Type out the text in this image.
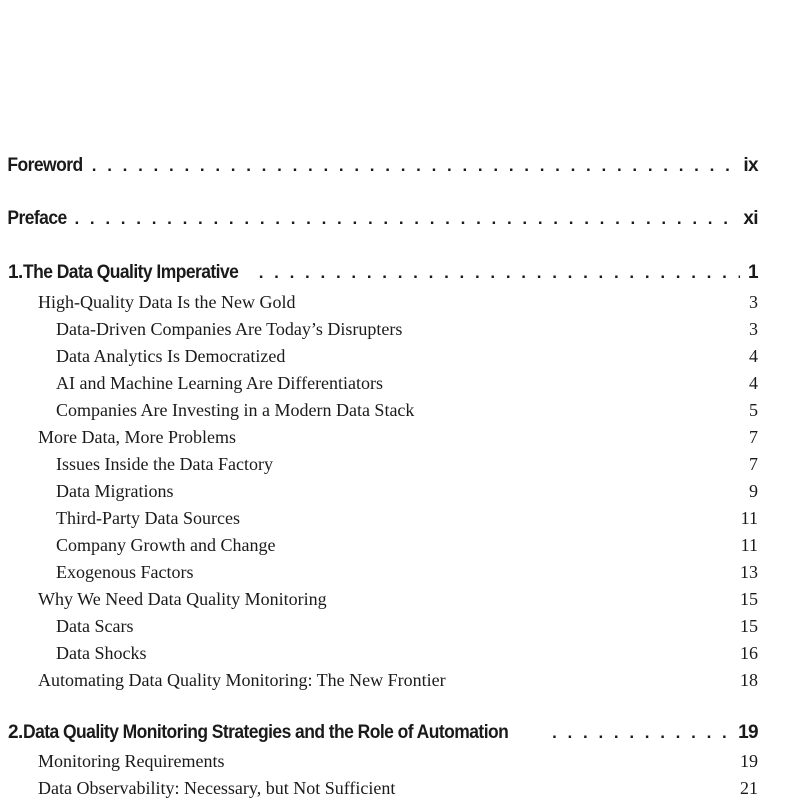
Foreword . . .	ix
Preface . . .	xi
1. The Data Quality Imperative . . .	1
High-Quality Data Is the New Gold	3
Data-Driven Companies Are Today’s Disrupters	3
Data Analytics Is Democratized	4
AI and Machine Learning Are Differentiators	4
Companies Are Investing in a Modern Data Stack	5
More Data, More Problems	7
Issues Inside the Data Factory	7
Data Migrations	9
Third-Party Data Sources	11
Company Growth and Change	11
Exogenous Factors	13
Why We Need Data Quality Monitoring	15
Data Scars	15
Data Shocks	16
Automating Data Quality Monitoring: The New Frontier	18
2. Data Quality Monitoring Strategies and the Role of Automation . . .	19
Monitoring Requirements	19
Data Observability: Necessary, but Not Sufficient	21
